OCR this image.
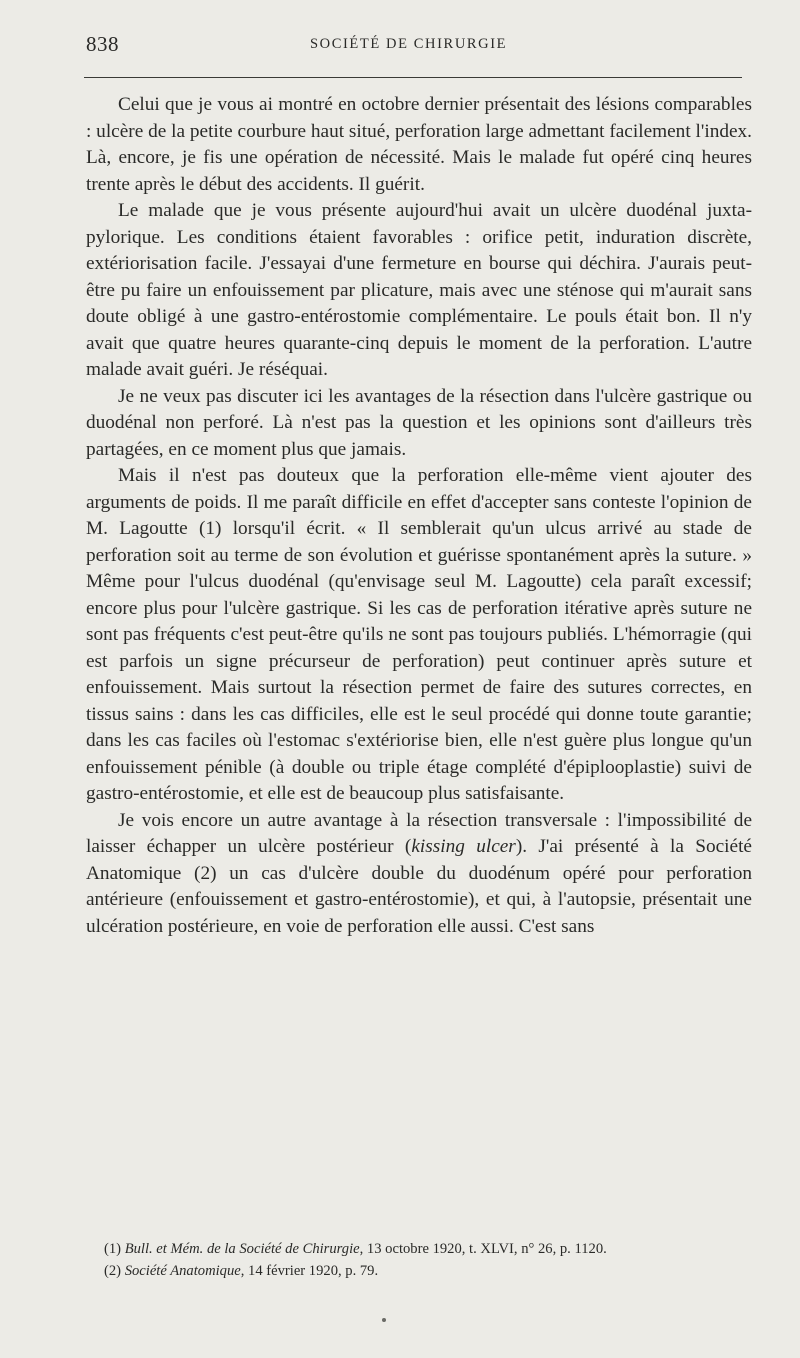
838	SOCIÉTÉ DE CHIRURGIE

Celui que je vous ai montré en octobre dernier présentait des lésions comparables : ulcère de la petite courbure haut situé, perforation large admettant facilement l'index. Là, encore, je fis une opération de nécessité. Mais le malade fut opéré cinq heures trente après le début des accidents. Il guérit.

Le malade que je vous présente aujourd'hui avait un ulcère duodénal juxta-pylorique. Les conditions étaient favorables : orifice petit, induration discrète, extériorisation facile. J'essayai d'une fermeture en bourse qui déchira. J'aurais peut-être pu faire un enfouissement par plicature, mais avec une sténose qui m'aurait sans doute obligé à une gastro-entérostomie complémentaire. Le pouls était bon. Il n'y avait que quatre heures quarante-cinq depuis le moment de la perforation. L'autre malade avait guéri. Je réséquai.

Je ne veux pas discuter ici les avantages de la résection dans l'ulcère gastrique ou duodénal non perforé. Là n'est pas la question et les opinions sont d'ailleurs très partagées, en ce moment plus que jamais.

Mais il n'est pas douteux que la perforation elle-même vient ajouter des arguments de poids. Il me paraît difficile en effet d'accepter sans conteste l'opinion de M. Lagoutte (1) lorsqu'il écrit. « Il semblerait qu'un ulcus arrivé au stade de perforation soit au terme de son évolution et guérisse spontanément après la suture. » Même pour l'ulcus duodénal (qu'envisage seul M. Lagoutte) cela paraît excessif; encore plus pour l'ulcère gastrique. Si les cas de perforation itérative après suture ne sont pas fréquents c'est peut-être qu'ils ne sont pas toujours publiés. L'hémorragie (qui est parfois un signe précurseur de perforation) peut continuer après suture et enfouissement. Mais surtout la résection permet de faire des sutures correctes, en tissus sains : dans les cas difficiles, elle est le seul procédé qui donne toute garantie; dans les cas faciles où l'estomac s'extériorise bien, elle n'est guère plus longue qu'un enfouissement pénible (à double ou triple étage complété d'épiplooplastie) suivi de gastro-entérostomie, et elle est de beaucoup plus satisfaisante.

Je vois encore un autre avantage à la résection transversale : l'impossibilité de laisser échapper un ulcère postérieur (kissing ulcer). J'ai présenté à la Société Anatomique (2) un cas d'ulcère double du duodénum opéré pour perforation antérieure (enfouissement et gastro-entérostomie), et qui, à l'autopsie, présentait une ulcération postérieure, en voie de perforation elle aussi. C'est sans

(1) Bull. et Mém. de la Société de Chirurgie, 13 octobre 1920, t. XLVI, n° 26, p. 1120.

(2) Société Anatomique, 14 février 1920, p. 79.
